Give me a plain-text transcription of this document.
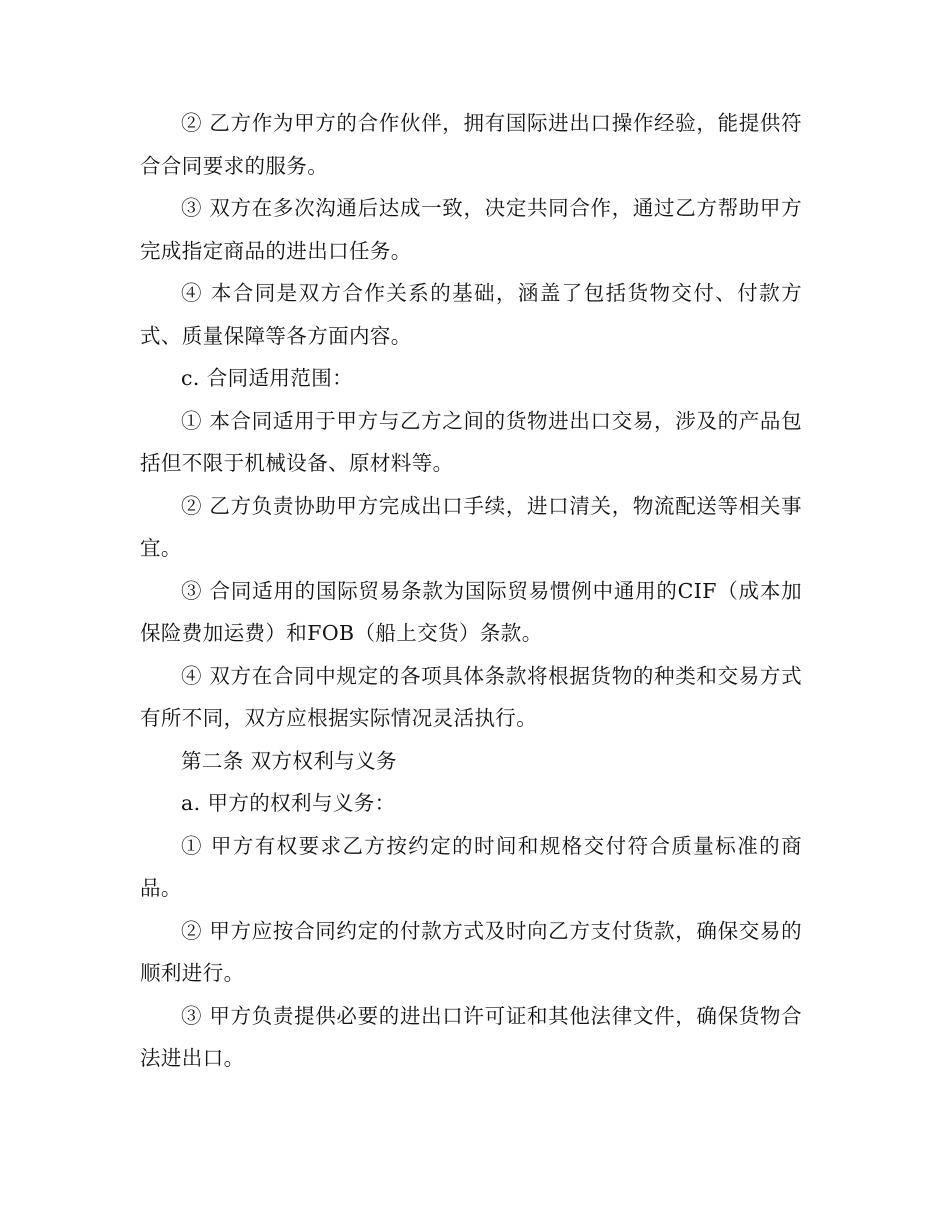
② 乙方作为甲方的合作伙伴，拥有国际进出口操作经验，能提供符合合同要求的服务。

③ 双方在多次沟通后达成一致，决定共同合作，通过乙方帮助甲方完成指定商品的进出口任务。

④ 本合同是双方合作关系的基础，涵盖了包括货物交付、付款方式、质量保障等各方面内容。

c. 合同适用范围：

① 本合同适用于甲方与乙方之间的货物进出口交易，涉及的产品包括但不限于机械设备、原材料等。

② 乙方负责协助甲方完成出口手续，进口清关，物流配送等相关事宜。

③ 合同适用的国际贸易条款为国际贸易惯例中通用的CIF（成本加保险费加运费）和FOB（船上交货）条款。

④ 双方在合同中规定的各项具体条款将根据货物的种类和交易方式有所不同，双方应根据实际情况灵活执行。

第二条 双方权利与义务

a. 甲方的权利与义务：

① 甲方有权要求乙方按约定的时间和规格交付符合质量标准的商品。

② 甲方应按合同约定的付款方式及时向乙方支付货款，确保交易的顺利进行。

③ 甲方负责提供必要的进出口许可证和其他法律文件，确保货物合法进出口。
